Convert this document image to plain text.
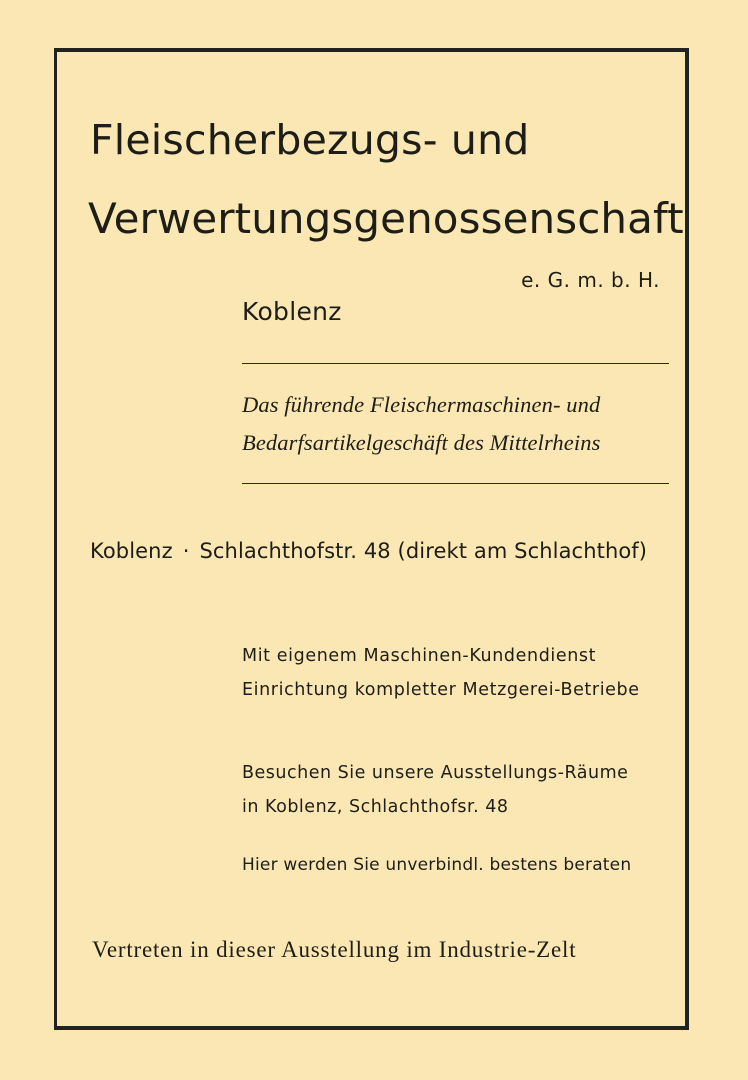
Fleischerbezugs- und
Verwertungsgenossenschaft
e. G. m. b. H.
Koblenz
Das führende Fleischermaschinen- und
Bedarfsartikelgeschäft des Mittelrheins
Koblenz · Schlachthofstr. 48 (direkt am Schlachthof)
Mit eigenem Maschinen-Kundendienst
Einrichtung kompletter Metzgerei-Betriebe
Besuchen Sie unsere Ausstellungs-Räume
in Koblenz, Schlachthofsr. 48
Hier werden Sie unverbindl. bestens beraten
Vertreten in dieser Ausstellung im Industrie-Zelt
